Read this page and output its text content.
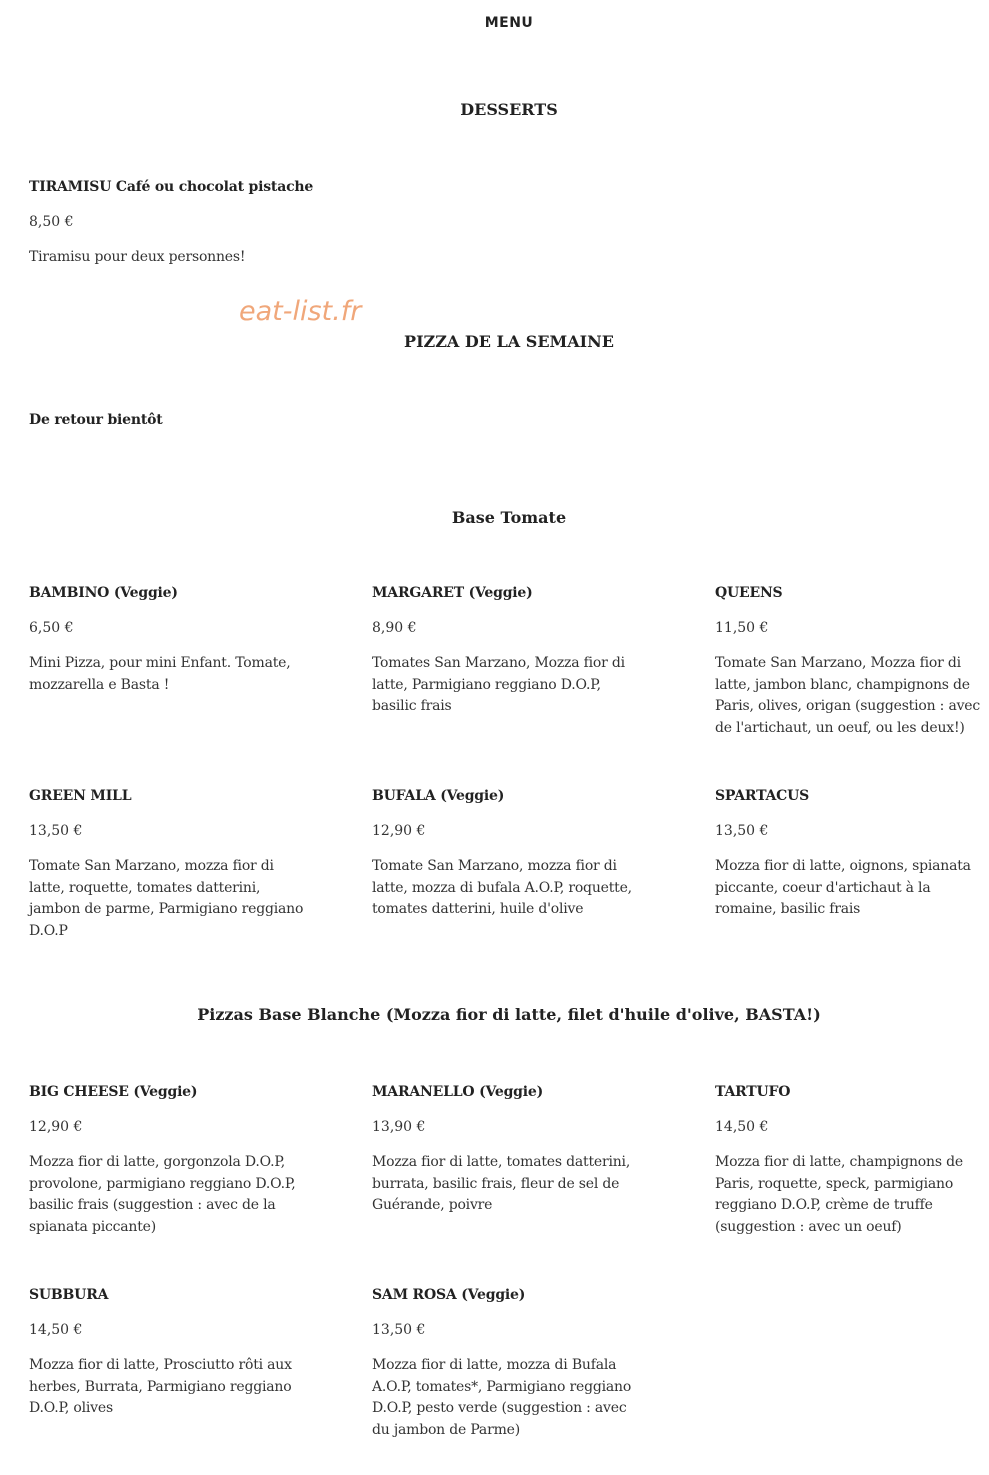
MENU
DESSERTS
TIRAMISU Café ou chocolat pistache
8,50 €
Tiramisu pour deux personnes!
eat-list.fr
PIZZA DE LA SEMAINE
De retour bientôt
Base Tomate
BAMBINO (Veggie)
6,50 €
Mini Pizza, pour mini Enfant. Tomate, mozzarella e Basta !
MARGARET (Veggie)
8,90 €
Tomates San Marzano, Mozza fior di latte, Parmigiano reggiano D.O.P, basilic frais
QUEENS
11,50 €
Tomate San Marzano, Mozza fior di latte, jambon blanc, champignons de Paris, olives, origan (suggestion : avec de l'artichaut, un oeuf, ou les deux!)
GREEN MILL
13,50 €
Tomate San Marzano, mozza fior di latte, roquette, tomates datterini, jambon de parme, Parmigiano reggiano D.O.P
BUFALA (Veggie)
12,90 €
Tomate San Marzano, mozza fior di latte, mozza di bufala A.O.P, roquette, tomates datterini, huile d'olive
SPARTACUS
13,50 €
Mozza fior di latte, oignons, spianata piccante, coeur d'artichaut à la romaine, basilic frais
Pizzas Base Blanche (Mozza fior di latte, filet d'huile d'olive, BASTA!)
BIG CHEESE (Veggie)
12,90 €
Mozza fior di latte, gorgonzola D.O.P, provolone, parmigiano reggiano D.O.P, basilic frais (suggestion : avec de la spianata piccante)
MARANELLO (Veggie)
13,90 €
Mozza fior di latte, tomates datterini, burrata, basilic frais, fleur de sel de Guérande, poivre
TARTUFO
14,50 €
Mozza fior di latte, champignons de Paris, roquette, speck, parmigiano reggiano D.O.P, crème de truffe (suggestion : avec un oeuf)
SUBBURA
14,50 €
Mozza fior di latte, Prosciutto rôti aux herbes, Burrata, Parmigiano reggiano D.O.P, olives
SAM ROSA (Veggie)
13,50 €
Mozza fior di latte, mozza di Bufala A.O.P, tomates*, Parmigiano reggiano D.O.P, pesto verde (suggestion : avec du jambon de Parme)
